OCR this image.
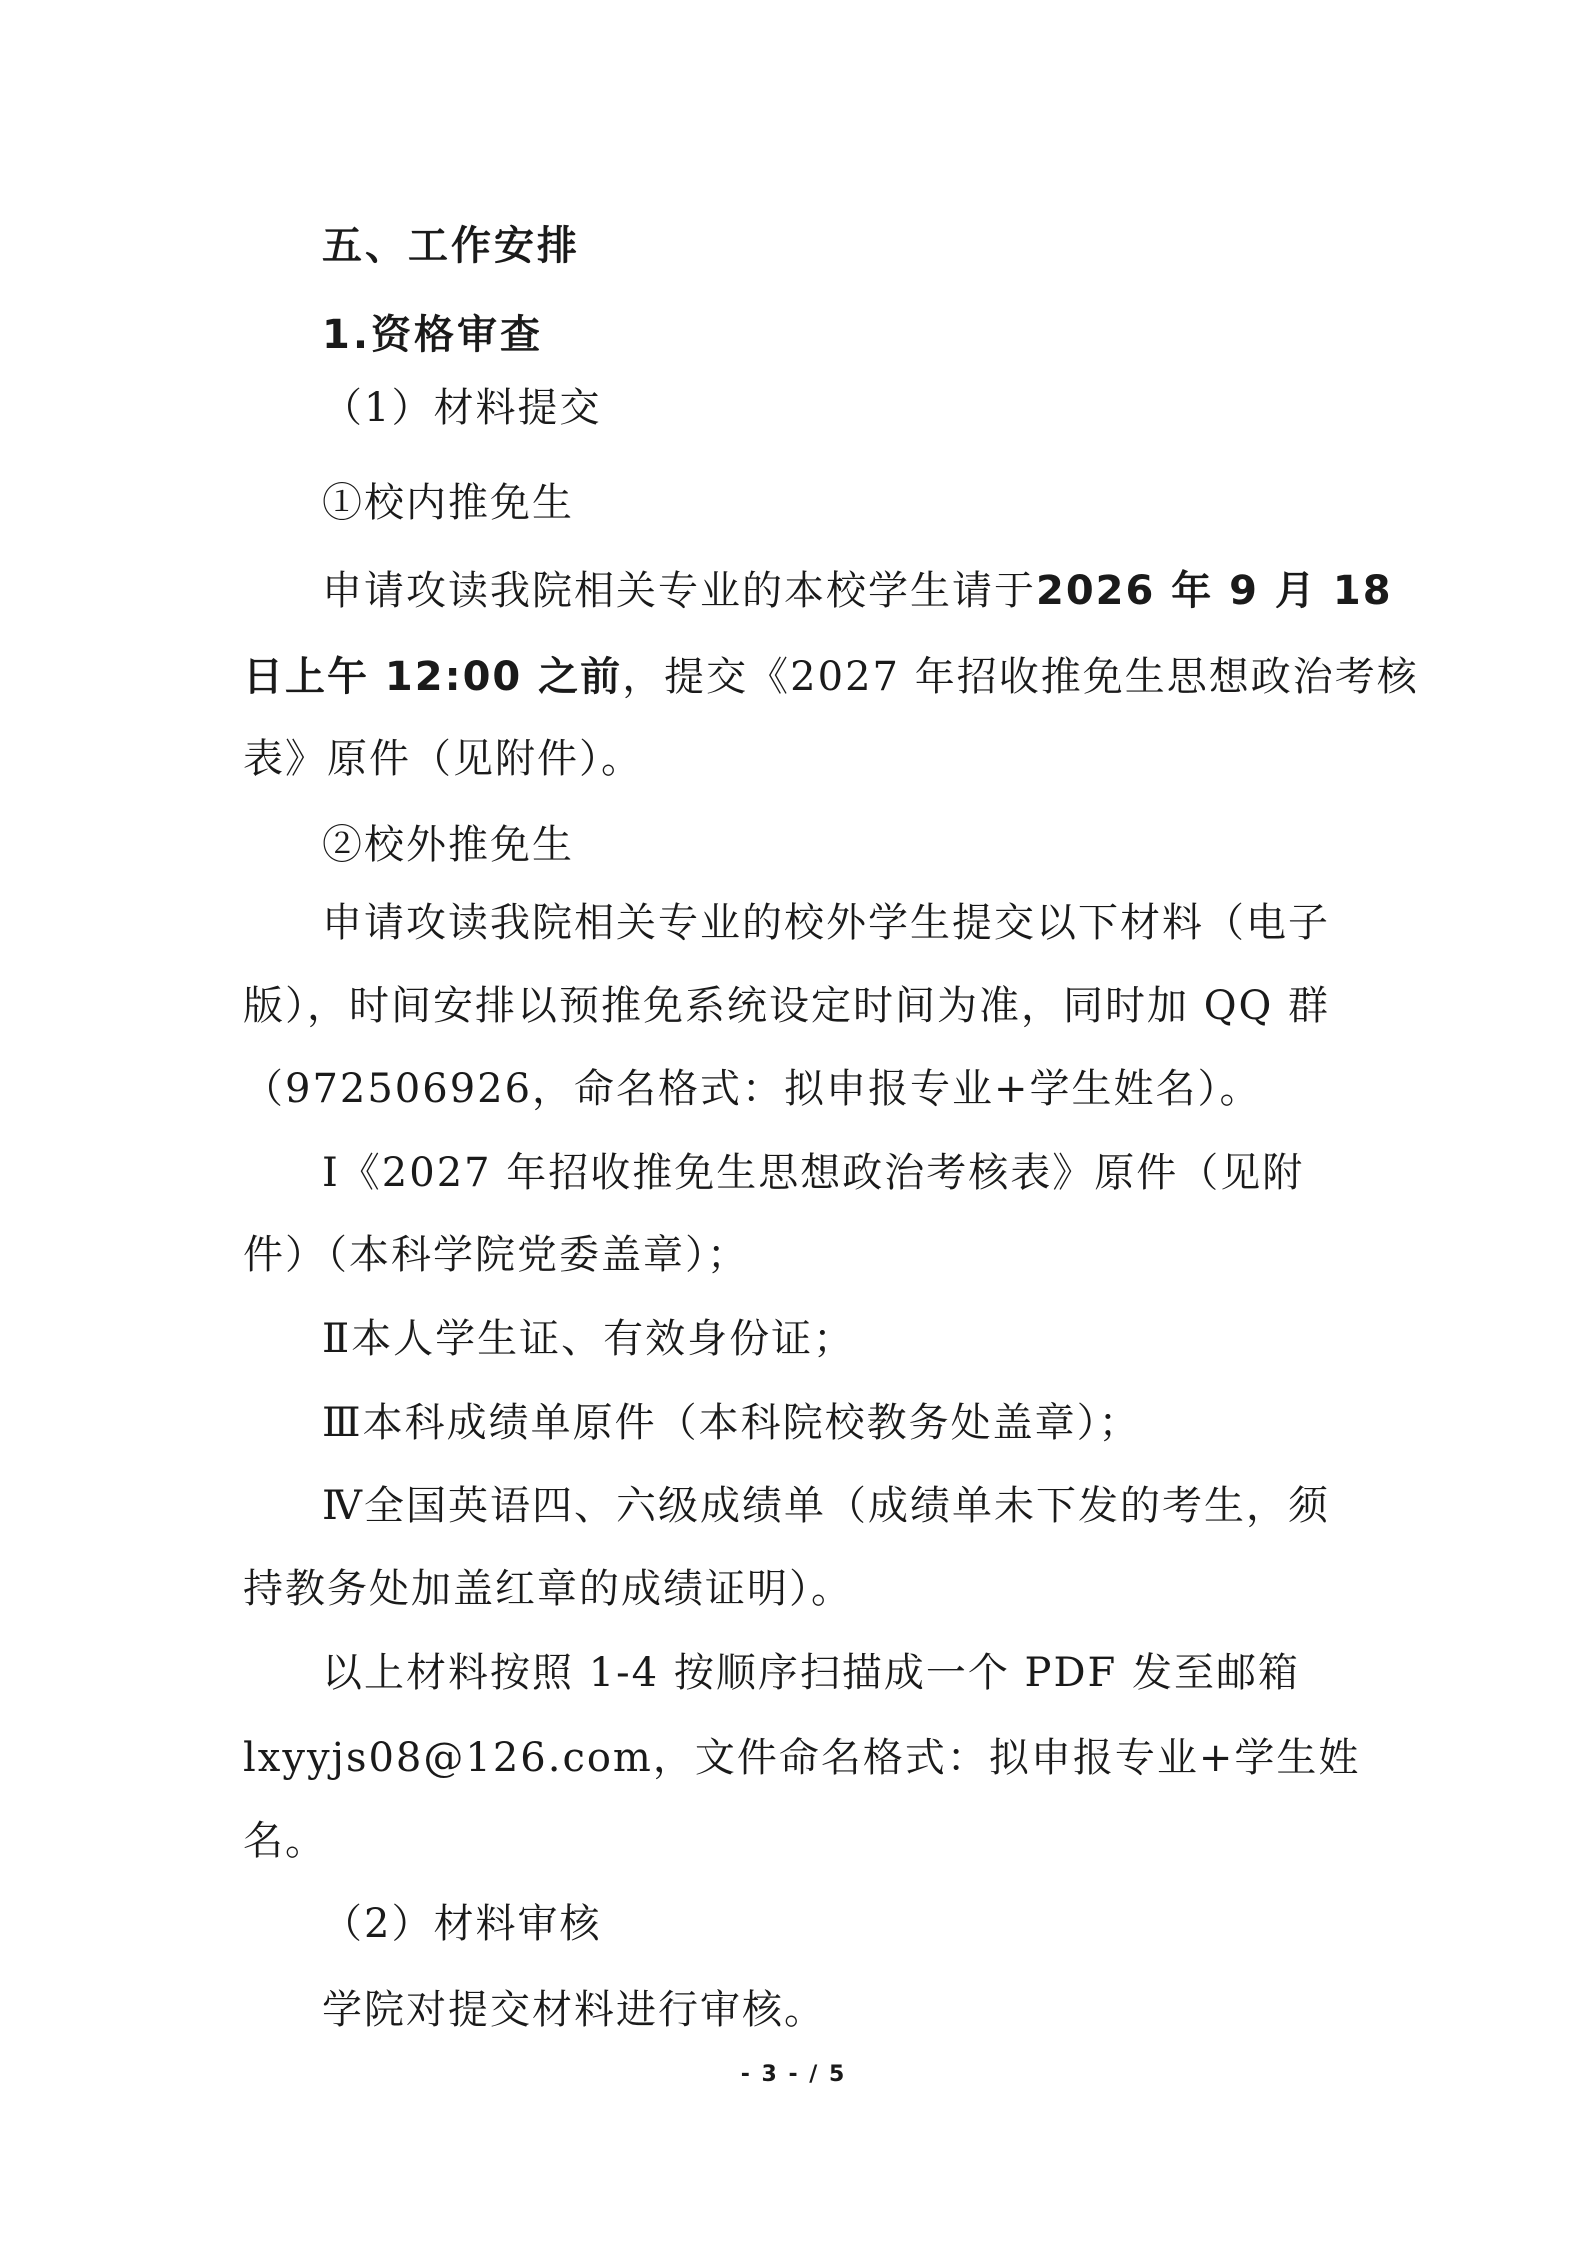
五、工作安排
1.资格审查
（1）材料提交
①校内推免生
申请攻读我院相关专业的本校学生请于2026 年 9 月 18
日上午 12:00 之前，提交《2027 年招收推免生思想政治考核
表》原件（见附件）。
②校外推免生
申请攻读我院相关专业的校外学生提交以下材料（电子
版），时间安排以预推免系统设定时间为准，同时加 QQ 群
（972506926，命名格式：拟申报专业+学生姓名）。
Ⅰ《2027 年招收推免生思想政治考核表》原件（见附
件）（本科学院党委盖章）；
Ⅱ本人学生证、有效身份证；
Ⅲ本科成绩单原件（本科院校教务处盖章）；
Ⅳ全国英语四、六级成绩单（成绩单未下发的考生，须
持教务处加盖红章的成绩证明）。
以上材料按照 1-4 按顺序扫描成一个 PDF 发至邮箱
lxyyjs08@126.com，文件命名格式：拟申报专业+学生姓
名。
（2）材料审核
学院对提交材料进行审核。
- 3 - / 5
